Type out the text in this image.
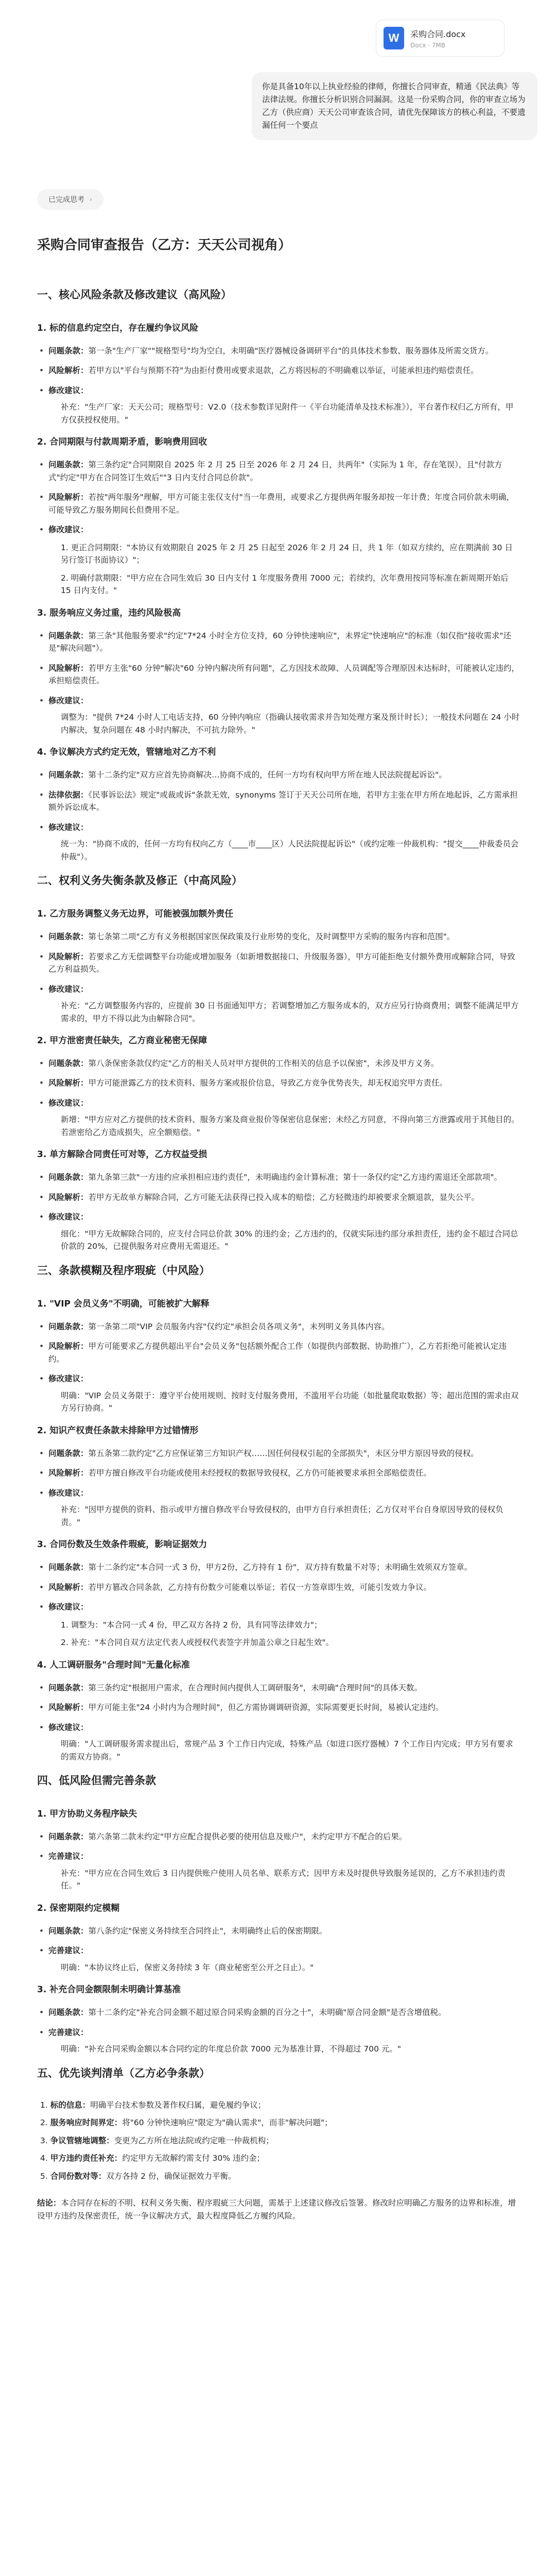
W	采购合同.docx
Docx · 7MB
你是具备10年以上执业经验的律师，你擅长合同审查，精通《民法典》等法律法规。你擅长分析识别合同漏洞。这是一份采购合同，你的审查立场为乙方（供应商）天天公司审查该合同，请优先保障该方的核心利益，不要遗漏任何一个要点
已完成思考 ›
采购合同审查报告（乙方：天天公司视角）
一、核心风险条款及修改建议（高风险）
1. 标的信息约定空白，存在履约争议风险
• 问题条款：第一条"生产厂家""规格型号"均为空白，未明确"医疗器械设备调研平台"的具体技术参数、服务器体及所需交货方。
• 风险解析：若甲方以"平台与预期不符"为由拒付费用或要求退款，乙方将因标的不明确难以举证，可能承担违约赔偿责任。
• 修改建议：
补充："生产厂家：天天公司；规格型号：V2.0（技术参数详见附件一《平台功能清单及技术标准》），平台著作权归乙方所有，甲方仅获授权使用。"
2. 合同期限与付款周期矛盾，影响费用回收
• 问题条款：第三条约定"合同期限自 2025 年 2 月 25 日至 2026 年 2 月 24 日，共两年"（实际为 1 年，存在笔误），且"付款方式"约定"甲方在合同签订生效后""3 日内支付合同总价款"。
• 风险解析：若按"两年服务"理解，甲方可能主张仅支付"当一年费用，或要求乙方提供两年服务却按一年计费；年度合同价款未明确，可能导致乙方服务期间长但费用不足。
• 修改建议：
1. 更正合同期限："本协议有效期限自 2025 年 2 月 25 日起至 2026 年 2 月 24 日，共 1 年（如双方续约，应在期满前 30 日另行签订书面协议）"；
2. 明确付款期限："甲方应在合同生效后 30 日内支付 1 年度服务费用 7000 元；若续约，次年费用按同等标准在新周期开始后 15 日内支付。"
3. 服务响应义务过重，违约风险极高
• 问题条款：第三条"其他服务要求"约定"7*24 小时全方位支持，60 分钟快速响应"，未界定"快速响应"的标准（如仅指"接收需求"还是"解决问题"）。
• 风险解析：若甲方主张"60 分钟"解决"60 分钟内解决所有问题"，乙方因技术故障、人员调配等合理原因未达标时，可能被认定违约，承担赔偿责任。
• 修改建议：
调整为："提供 7*24 小时人工电话支持，60 分钟内响应（指确认接收需求并告知处理方案及预计时长）；一般技术问题在 24 小时内解决，复杂问题在 48 小时内解决，不可抗力除外。"
4. 争议解决方式约定无效，管辖地对乙方不利
• 问题条款：第十二条约定"双方应首先协商解决…协商不成的，任何一方均有权向甲方所在地人民法院提起诉讼"。
• 法律依据：《民事诉讼法》规定"或裁或诉"条款无效，synonyms 签订于天天公司所在地，若甲方主张在甲方所在地起诉，乙方需承担额外诉讼成本。
• 修改建议：
统一为："协商不成的，任何一方均有权向乙方（____市____区）人民法院提起诉讼"（或约定唯一仲裁机构："提交____仲裁委员会仲裁"）。
二、权利义务失衡条款及修正（中高风险）
1. 乙方服务调整义务无边界，可能被强加额外责任
• 问题条款：第七条第二项"乙方有义务根据国家医保政策及行业形势的变化，及时调整甲方采购的服务内容和范围"。
• 风险解析：若要求乙方无偿调整平台功能或增加服务（如新增数据接口、升级服务器），甲方可能拒绝支付额外费用或解除合同，导致乙方利益损失。
• 修改建议：
补充："乙方调整服务内容的，应提前 30 日书面通知甲方；若调整增加乙方服务成本的，双方应另行协商费用；调整不能满足甲方需求的，甲方不得以此为由解除合同"。
2. 甲方泄密责任缺失，乙方商业秘密无保障
• 问题条款：第八条保密条款仅约定"乙方的相关人员对甲方提供的工作相关的信息予以保密"，未涉及甲方义务。
• 风险解析：甲方可能泄露乙方的技术资料、服务方案或报价信息，导致乙方竞争优势丧失，却无权追究甲方责任。
• 修改建议：
新增："甲方应对乙方提供的技术资料、服务方案及商业报价等保密信息保密；未经乙方同意，不得向第三方泄露或用于其他目的。若泄密给乙方造成损失，应全额赔偿。"
3. 单方解除合同责任可对等，乙方权益受损
• 问题条款：第九条第三款"一方违约应承担相应违约责任"，未明确违约金计算标准；第十一条仅约定"乙方违约需退还全部款项"。
• 风险解析：若甲方无故单方解除合同，乙方可能无法获得已投入成本的赔偿；乙方轻微违约却被要求全额退款，显失公平。
• 修改建议：
细化："甲方无故解除合同的，应支付合同总价款 30% 的违约金；乙方违约的，仅就实际违约部分承担责任，违约金不超过合同总价款的 20%，已提供服务对应费用无需退还。"
三、条款模糊及程序瑕疵（中风险）
1. "VIP 会员义务"不明确，可能被扩大解释
• 问题条款：第一条第二项"VIP 会员服务内容"仅约定"承担会员各项义务"，未列明义务具体内容。
• 风险解析：甲方可能要求乙方提供超出平台"会员义务"包括额外配合工作（如提供内部数据、协助推广），乙方若拒绝可能被认定违约。
• 修改建议：
明确："VIP 会员义务限于：遵守平台使用规则、按时支付服务费用，不滥用平台功能（如批量爬取数据）等；超出范围的需求由双方另行协商。"
2. 知识产权责任条款未排除甲方过错情形
• 问题条款：第五条第二款约定"乙方应保证第三方知识产权……因任何侵权引起的全部损失"，未区分甲方原因导致的侵权。
• 风险解析：若甲方擅自修改平台功能或使用未经授权的数据导致侵权，乙方仍可能被要求承担全部赔偿责任。
• 修改建议：
补充："因甲方提供的资料、指示或甲方擅自修改平台导致侵权的，由甲方自行承担责任；乙方仅对平台自身原因导致的侵权负责。"
3. 合同份数及生效条件瑕疵，影响证据效力
• 问题条款：第十二条约定"本合同一式 3 份，甲方2份，乙方持有 1 份"，双方持有数量不对等；未明确生效须双方签章。
• 风险解析：若甲方篡改合同条款，乙方持有份数少可能难以举证；若仅一方签章即生效，可能引发效力争议。
• 修改建议：
1. 调整为："本合同一式 4 份，甲乙双方各持 2 份，具有同等法律效力"；
2. 补充："本合同自双方法定代表人或授权代表签字并加盖公章之日起生效"。
4. 人工调研服务"合理时间"无量化标准
• 问题条款：第三条约定"根据用户需求，在合理时间内提供人工调研服务"，未明确"合理时间"的具体天数。
• 风险解析：甲方可能主张"24 小时内为合理时间"，但乙方需协调调研资源，实际需要更长时间，易被认定违约。
• 修改建议：
明确："人工调研服务需求提出后，常规产品 3 个工作日内完成，特殊产品（如进口医疗器械）7 个工作日内完成；甲方另有要求的需双方协商。"
四、低风险但需完善条款
1. 甲方协助义务程序缺失
• 问题条款：第六条第二款未约定"甲方应配合提供必要的使用信息及账户"，未约定甲方不配合的后果。
• 完善建议：
补充："甲方应在合同生效后 3 日内提供账户使用人员名单、联系方式；因甲方未及时提供导致服务延误的，乙方不承担违约责任。"
2. 保密期限约定模糊
• 问题条款：第八条约定"保密义务持续至合同终止"，未明确终止后的保密期限。
• 完善建议：
明确："本协议终止后，保密义务持续 3 年（商业秘密至公开之日止）。"
3. 补充合同金额限制未明确计算基准
• 问题条款：第十二条约定"补充合同金额不超过原合同采购金额的百分之十"，未明确"原合同金额"是否含增值税。
• 完善建议：
明确："补充合同采购金额以本合同约定的年度总价款 7000 元为基准计算，不得超过 700 元。"
五、优先谈判清单（乙方必争条款）
1. 标的信息：明确平台技术参数及著作权归属，避免履约争议；
2. 服务响应时间界定：将"60 分钟快速响应"限定为"确认需求"，而非"解决问题"；
3. 争议管辖地调整：变更为乙方所在地法院或约定唯一仲裁机构；
4. 甲方违约责任补充：约定甲方无故解约需支付 30% 违约金；
5. 合同份数对等：双方各持 2 份，确保证据效力平衡。
结论：本合同存在标的不明、权利义务失衡、程序瑕疵三大问题，需基于上述建议修改后签署。修改时应明确乙方服务的边界和标准，增设甲方违约及保密责任，统一争议解决方式，最大程度降低乙方履约风险。
